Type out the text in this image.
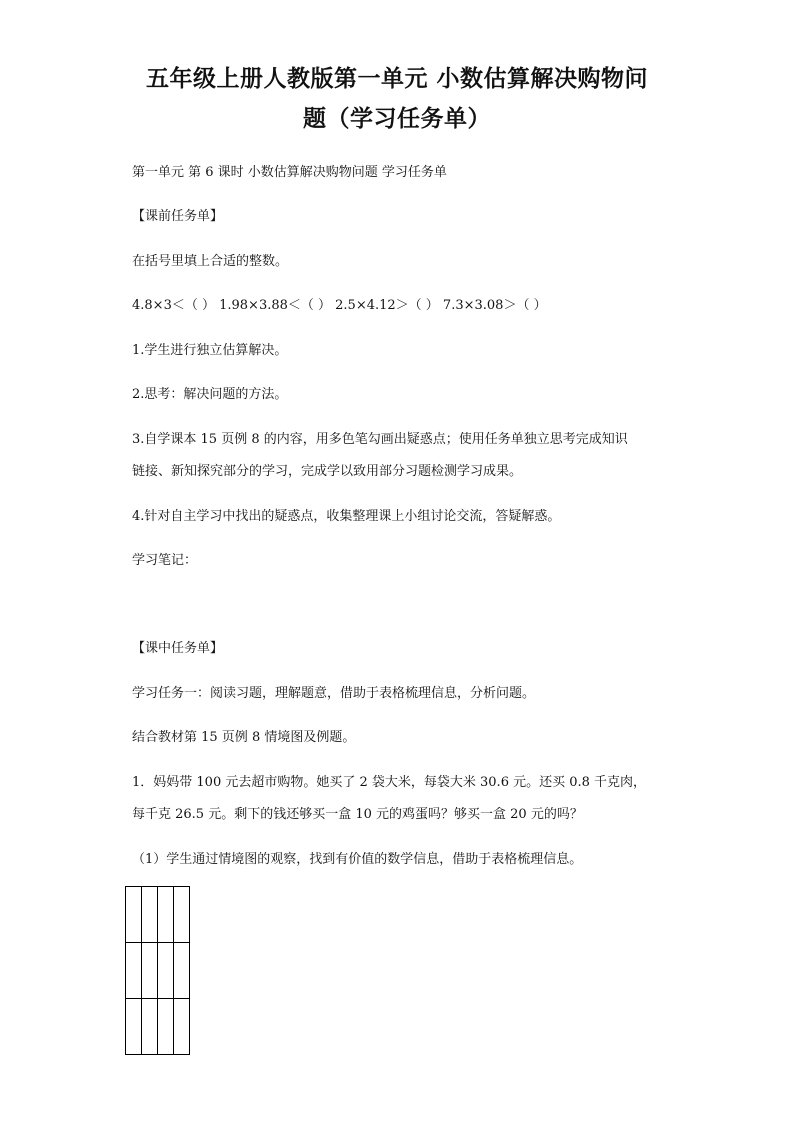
五年级上册人教版第一单元 小数估算解决购物问
题（学习任务单）
第一单元 第 6 课时 小数估算解决购物问题 学习任务单
【课前任务单】
在括号里填上合适的整数。
4.8×3＜（ ） 1.98×3.88＜（ ） 2.5×4.12＞（ ） 7.3×3.08＞（ ）
1.学生进行独立估算解决。
2.思考：解决问题的方法。
3.自学课本 15 页例 8 的内容，用多色笔勾画出疑惑点；使用任务单独立思考完成知识
链接、新知探究部分的学习，完成学以致用部分习题检测学习成果。
4.针对自主学习中找出的疑惑点，收集整理课上小组讨论交流，答疑解惑。
学习笔记：
【课中任务单】
学习任务一：阅读习题，理解题意，借助于表格梳理信息，分析问题。
结合教材第 15 页例 8 情境图及例题。
1．妈妈带 100 元去超市购物。她买了 2 袋大米，每袋大米 30.6 元。还买 0.8 千克肉，
每千克 26.5 元。剩下的钱还够买一盒 10 元的鸡蛋吗？够买一盒 20 元的吗？
（1）学生通过情境图的观察，找到有价值的数学信息，借助于表格梳理信息。
